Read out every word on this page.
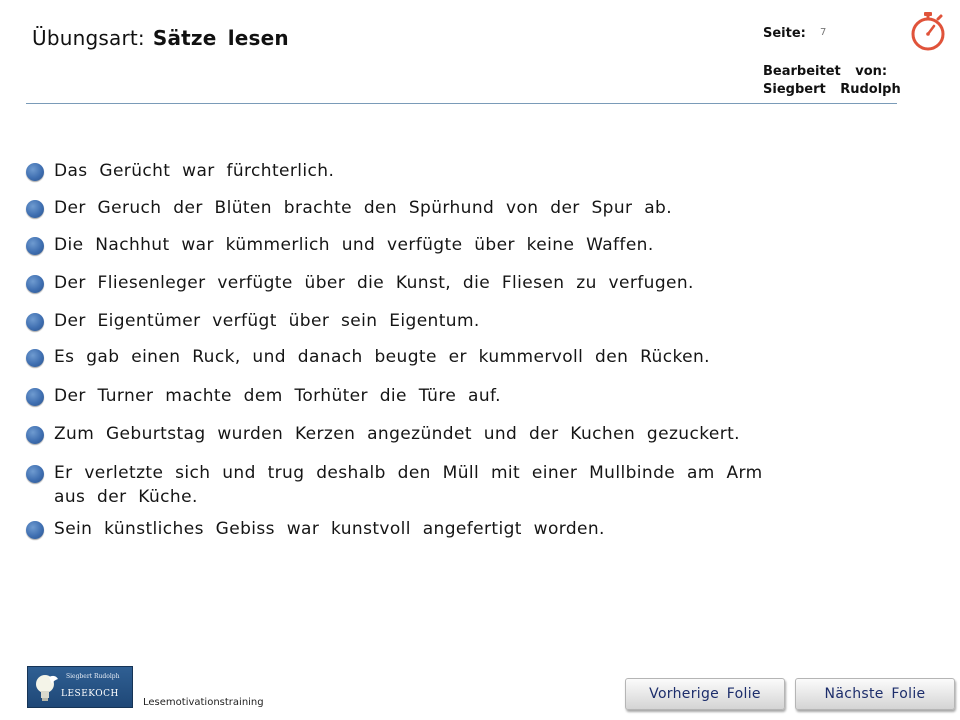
Übungsart: Sätze lesen	Seite: 7
Bearbeitet von:
Siegbert Rudolph
Das Gerücht war fürchterlich.
Der Geruch der Blüten brachte den Spürhund von der Spur ab.
Die Nachhut war kümmerlich und verfügte über keine Waffen.
Der Fliesenleger verfügte über die Kunst, die Fliesen zu verfugen.
Der Eigentümer verfügt über sein Eigentum.
Es gab einen Ruck, und danach beugte er kummervoll den Rücken.
Der Turner machte dem Torhüter die Türe auf.
Zum Geburtstag wurden Kerzen angezündet und der Kuchen gezuckert.
Er verletzte sich und trug deshalb den Müll mit einer Mullbinde am Arm aus der Küche.
Sein künstliches Gebiss war kunstvoll angefertigt worden.
Siegbert Rudolph
LESEKOCH
Lesemotivationstraining
Vorherige Folie	Nächste Folie
